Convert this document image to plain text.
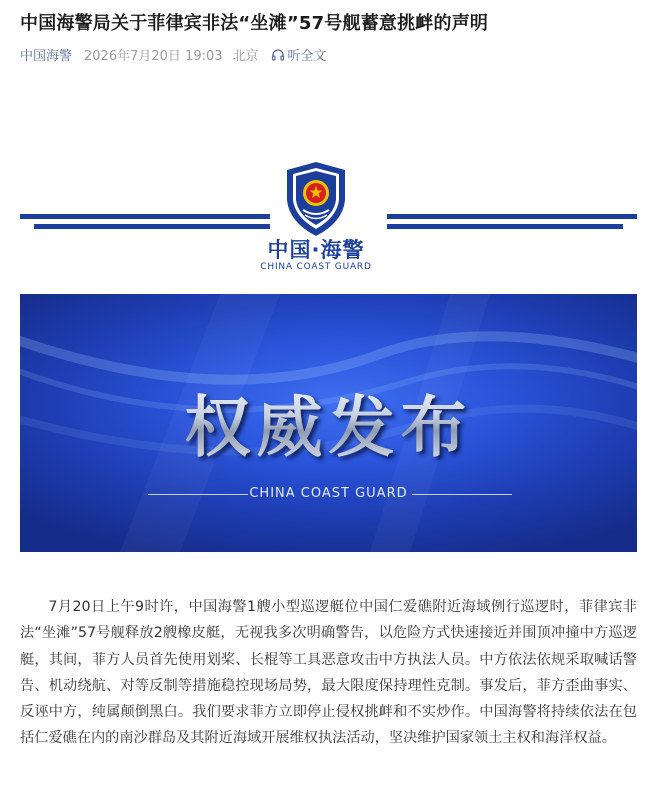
中国海警局关于菲律宾非法“坐滩”57号舰蓄意挑衅的声明
中国海警 2026年7月20日 19:03 北京 听全文
中国·海警
CHINA COAST GUARD
权威发布
CHINA COAST GUARD

7月20日上午9时许，中国海警1艘小型巡逻艇位中国仁爱礁附近海域例行巡逻时，菲律宾非法“坐滩”57号舰释放2艘橡皮艇，无视我多次明确警告，以危险方式快速接近并围顶冲撞中方巡逻艇，其间，菲方人员首先使用划桨、长棍等工具恶意攻击中方执法人员。中方依法依规采取喊话警告、机动绕航、对等反制等措施稳控现场局势，最大限度保持理性克制。事发后，菲方歪曲事实、反诬中方，纯属颠倒黑白。我们要求菲方立即停止侵权挑衅和不实炒作。中国海警将持续依法在包括仁爱礁在内的南沙群岛及其附近海域开展维权执法活动，坚决维护国家领土主权和海洋权益。
